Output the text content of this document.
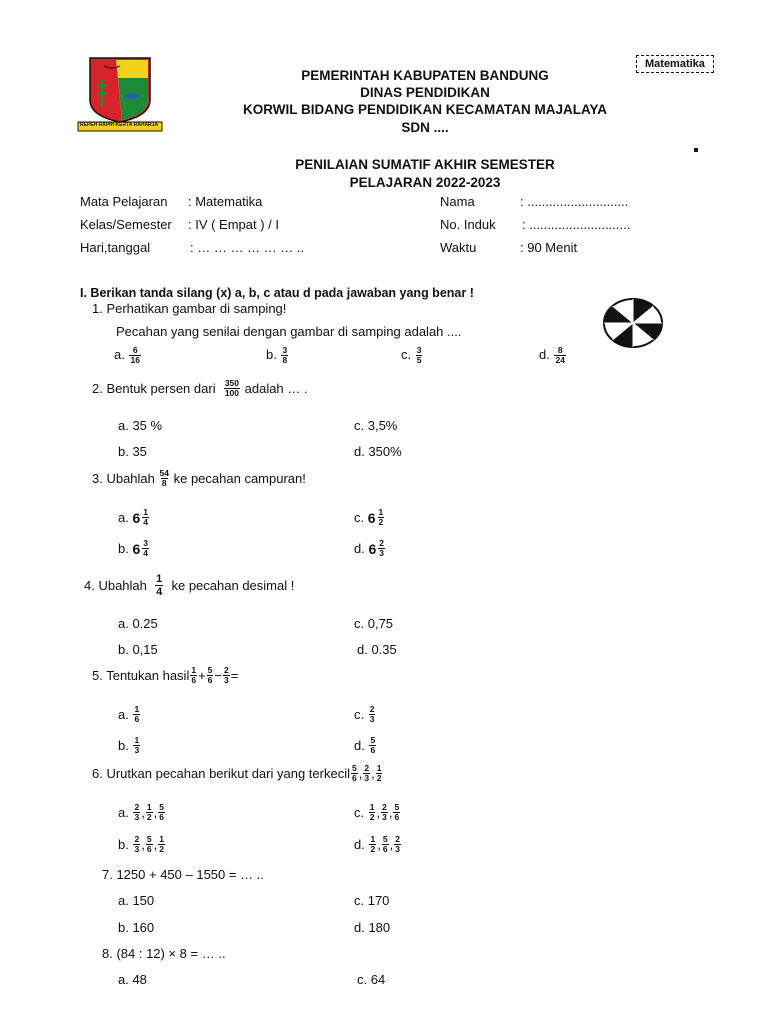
Matematika
REPEH RAPIH KERTA RAHARJA
PEMERINTAH KABUPATEN BANDUNG
DINAS PENDIDIKAN
KORWIL BIDANG PENDIDIKAN KECAMATAN MAJALAYA
SDN ....
PENILAIAN SUMATIF AKHIR SEMESTER
PELAJARAN 2022-2023
Mata Pelajaran : Matematika
Kelas/Semester : IV ( Empat ) / I
Hari,tanggal	: … … … … … … ..
Nama	: ............................
No. Induk : ............................
Waktu	: 90 Menit
I. Berikan tanda silang (x) a, b, c atau d pada jawaban yang benar !
1. Perhatikan gambar di samping!
Pecahan yang senilai dengan gambar di samping adalah ....
a. $\frac{6}{16}$	b. $\frac{3}{8}$	c. $\frac{3}{5}$	d. $\frac{8}{24}$
2. Bentuk persen dari
$\frac{350}{100}$
adalah … .
a. 35 %
b. 35
c. 3,5%
d. 350%
3. Ubahlah
$\frac{54}{8}$
ke pecahan campuran!
a.
$6 \frac{1}{4}$
b.
$6 \frac{3}{4}$
c.
$6 \frac{1}{2}$
d.
$6 \frac{2}{3}$
4. Ubahlah
$\frac{1}{4}$
ke pecahan desimal !
a. 0.25
b. 0,15
c. 0,75
d. 0.35
5. Tentukan hasil $\frac{1}{6} + \frac{5}{6} - \frac{2}{3}$ =
a.
$\frac{1}{6}$
b.
$\frac{1}{3}$
c.
$\frac{2}{3}$
d.
$\frac{5}{6}$
6. Urutkan pecahan berikut dari yang terkecil $\frac{5}{6}$ , $\frac{2}{3}$ , $\frac{1}{2}$
a.
$\frac{2}{3}$ , $\frac{1}{2}$ , $\frac{5}{6}$
b.
$\frac{2}{3}$ , $\frac{5}{6}$ , $\frac{1}{2}$
c.
$\frac{1}{2}$ , $\frac{2}{3}$ , $\frac{5}{6}$
d.
$\frac{1}{2}$ , $\frac{5}{6}$ , $\frac{2}{3}$
7. 1250 + 450 – 1550 = … ..
a. 150
b. 160
c. 170
d. 180
8. (84 : 12) × 8 = … ..
a. 48	c. 64
